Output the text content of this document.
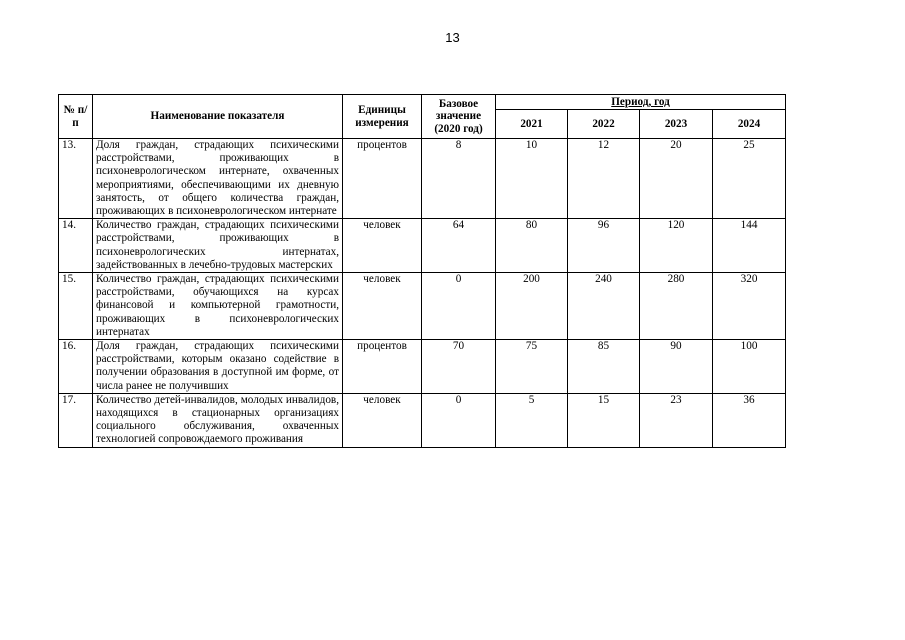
13
№ п/п	Наименование показателя	Единицы измерения	Базовое значение (2020 год)	Период, год			
				2021	2022	2023	2024
13.	Доля граждан, страдающих психическими расстройствами, проживающих в психоневрологическом интернате, охваченных мероприятиями, обеспечивающими их дневную занятость, от общего количества граждан, проживающих в психоневрологическом интернате	процентов	8	10	12	20	25
14.	Количество граждан, страдающих психическими расстройствами, проживающих в психоневрологических интернатах, задействованных в лечебно-трудовых мастерских	человек	64	80	96	120	144
15.	Количество граждан, страдающих психическими расстройствами, обучающихся на курсах финансовой и компьютерной грамотности, проживающих в психоневрологических интернатах	человек	0	200	240	280	320
16.	Доля граждан, страдающих психическими расстройствами, которым оказано содействие в получении образования в доступной им форме, от числа ранее не получивших	процентов	70	75	85	90	100
17.	Количество детей-инвалидов, молодых инвалидов, находящихся в стационарных организациях социального обслуживания, охваченных технологией сопровождаемого проживания	человек	0	5	15	23	36
